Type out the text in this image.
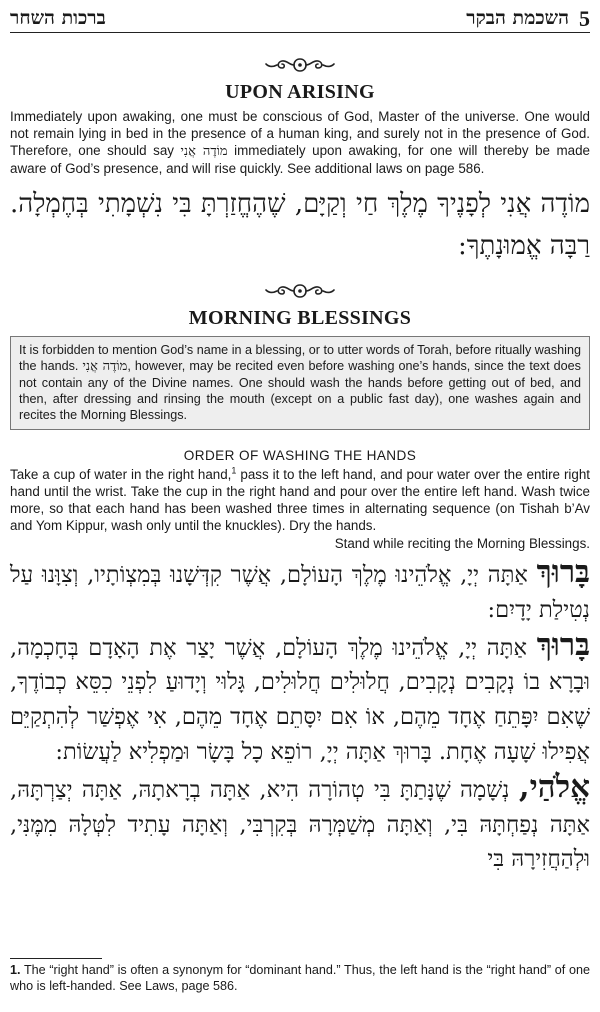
ברכות השחר	השכמת הבקר 5
UPON ARISING

Immediately upon awaking, one must be conscious of God, Master of the universe. One would not remain lying in bed in the presence of a human king, and surely not in the presence of God. Therefore, one should say מוֹדֶה אֲנִי immediately upon awaking, for one will thereby be made aware of God’s presence, and will rise quickly. See additional laws on page 586.

מוֹדֶה אֲנִי לְפָנֶיךָ מֶלֶךְ חַי וְקַיָּם, שֶׁהֶחֱזַרְתָּ בִּי נִשְׁמָתִי בְּחֶמְלָה. רַבָּה אֱמוּנָתֶךָ:

MORNING BLESSINGS

It is forbidden to mention God’s name in a blessing, or to utter words of Torah, before ritually washing the hands. מוֹדֶה אֲנִי, however, may be recited even before washing one’s hands, since the text does not contain any of the Divine names. One should wash the hands before getting out of bed, and then, after dressing and rinsing the mouth (except on a public fast day), one washes again and recites the Morning Blessings.

ORDER OF WASHING THE HANDS

Take a cup of water in the right hand,$^1$ pass it to the left hand, and pour water over the entire right hand until the wrist. Take the cup in the right hand and pour over the entire left hand. Wash twice more, so that each hand has been washed three times in alternating sequence (on Tishah b’Av and Yom Kippur, wash only until the knuckles). Dry the hands.

Stand while reciting the Morning Blessings.

בָּרוּךְ אַתָּה יְיָ, אֱלֹהֵינוּ מֶלֶךְ הָעוֹלָם, אֲשֶׁר קִדְּשָׁנוּ בְּמִצְוֹתָיו, וְצִוָּנוּ עַל נְטִילַת יָדָיִם:

בָּרוּךְ אַתָּה יְיָ, אֱלֹהֵינוּ מֶלֶךְ הָעוֹלָם, אֲשֶׁר יָצַר אֶת הָאָדָם בְּחָכְמָה, וּבָרָא בוֹ נְקָבִים נְקָבִים, חֲלוּלִים חֲלוּלִים, גָּלוּי וְיָדוּעַ לִפְנֵי כִסֵּא כְבוֹדֶךָ, שֶׁאִם יִפָּתֵחַ אֶחָד מֵהֶם, אוֹ אִם יִסָּתֵם אֶחָד מֵהֶם, אִי אֶפְשַׁר לְהִתְקַיֵּם אֲפִילוּ שָׁעָה אֶחָת. בָּרוּךְ אַתָּה יְיָ, רוֹפֵא כָל בָּשָׂר וּמַפְלִיא לַעֲשׂוֹת:

אֱלֹהַי, נְשָׁמָה שֶׁנָּתַתָּ בִּי טְהוֹרָה הִיא, אַתָּה בְרָאתָהּ, אַתָּה יְצַרְתָּהּ, אַתָּה נְפַחְתָּהּ בִּי, וְאַתָּה מְשַׁמְּרָהּ בְּקִרְבִּי, וְאַתָּה עָתִיד לִטְּלָהּ מִמֶּנִּי, וּלְהַחֲזִירָהּ בִּי

1. The “right hand” is often a synonym for “dominant hand.” Thus, the left hand is the “right hand” of one who is left-handed. See Laws, page 586.
